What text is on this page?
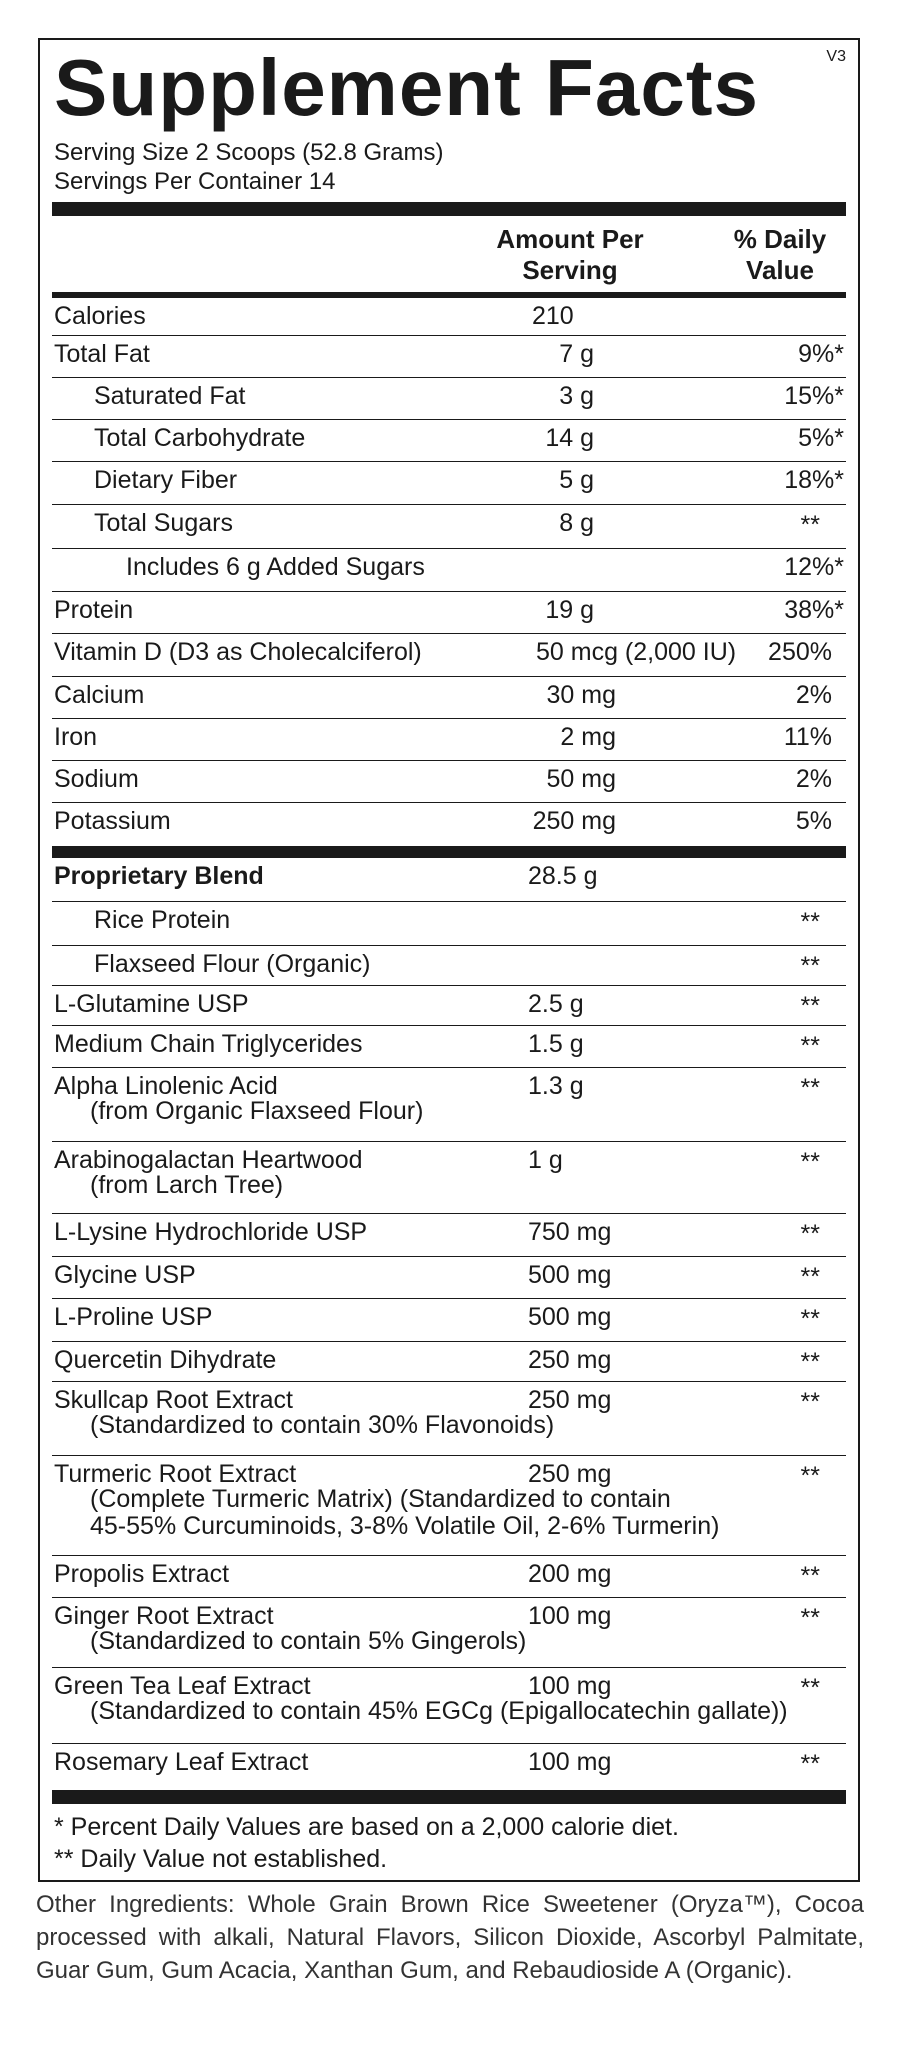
Supplement Facts	V3
Serving Size 2 Scoops (52.8 Grams)
Servings Per Container 14
Amount Per
Serving
% Daily
Value
Calories	210
Total Fat	7 g	9%*
Saturated Fat	3 g	15%*
Total Carbohydrate	14 g	5%*
Dietary Fiber	5 g	18%*
Total Sugars	8 g	**
Includes 6 g Added Sugars	12%*
Protein	19 g	38%*
Vitamin D (D3 as Cholecalciferol)	50 mcg (2,000 IU) 250%
Calcium	30 mg	2%
Iron	2 mg	11%
Sodium	50 mg	2%
Potassium	250 mg	5%
Proprietary Blend	28.5 g
Rice Protein	**
Flaxseed Flour (Organic)	**
L-Glutamine USP	2.5 g	**
Medium Chain Triglycerides	1.5 g	**
Alpha Linolenic Acid
(from Organic Flaxseed Flour)
1.3 g	**
Arabinogalactan Heartwood
(from Larch Tree)
1 g	**
L-Lysine Hydrochloride USP	750 mg	**
Glycine USP	500 mg	**
L-Proline USP	500 mg	**
Quercetin Dihydrate	250 mg	**
Skullcap Root Extract
(Standardized to contain 30% Flavonoids)
250 mg	**
Turmeric Root Extract
(Complete Turmeric Matrix) (Standardized to contain
45-55% Curcuminoids, 3-8% Volatile Oil, 2-6% Turmerin)
250 mg	**
Propolis Extract	200 mg	**
Ginger Root Extract
(Standardized to contain 5% Gingerols)
100 mg	**
Green Tea Leaf Extract
(Standardized to contain 45% EGCg (Epigallocatechin gallate))
100 mg	**
Rosemary Leaf Extract	100 mg	**
* Percent Daily Values are based on a 2,000 calorie diet.
** Daily Value not established.
Other Ingredients: Whole Grain Brown Rice Sweetener (Oryza™), Cocoa processed with alkali, Natural Flavors, Silicon Dioxide, Ascorbyl Palmitate, Guar Gum, Gum Acacia, Xanthan Gum, and Rebaudioside A (Organic).
